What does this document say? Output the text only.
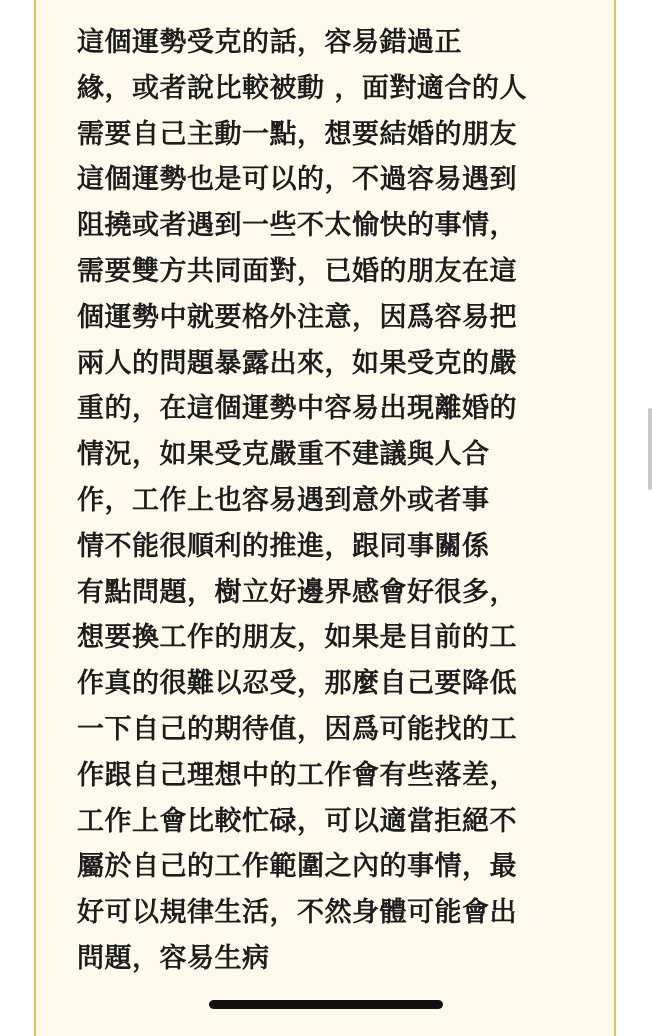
這個運勢受克的話，容易錯過正
緣，或者說比較被動 ，面對適合的人
需要自己主動一點，想要結婚的朋友
這個運勢也是可以的，不過容易遇到
阻撓或者遇到一些不太愉快的事情，
需要雙方共同面對，已婚的朋友在這
個運勢中就要格外注意，因爲容易把
兩人的問題暴露出來，如果受克的嚴
重的，在這個運勢中容易出現離婚的
情況，如果受克嚴重不建議與人合
作，工作上也容易遇到意外或者事
情不能很順利的推進，跟同事關係
有點問題，樹立好邊界感會好很多，
想要換工作的朋友，如果是目前的工
作真的很難以忍受，那麼自己要降低
一下自己的期待值，因爲可能找的工
作跟自己理想中的工作會有些落差，
工作上會比較忙碌，可以適當拒絕不
屬於自己的工作範圍之內的事情，最
好可以規律生活，不然身體可能會出
問題，容易生病
